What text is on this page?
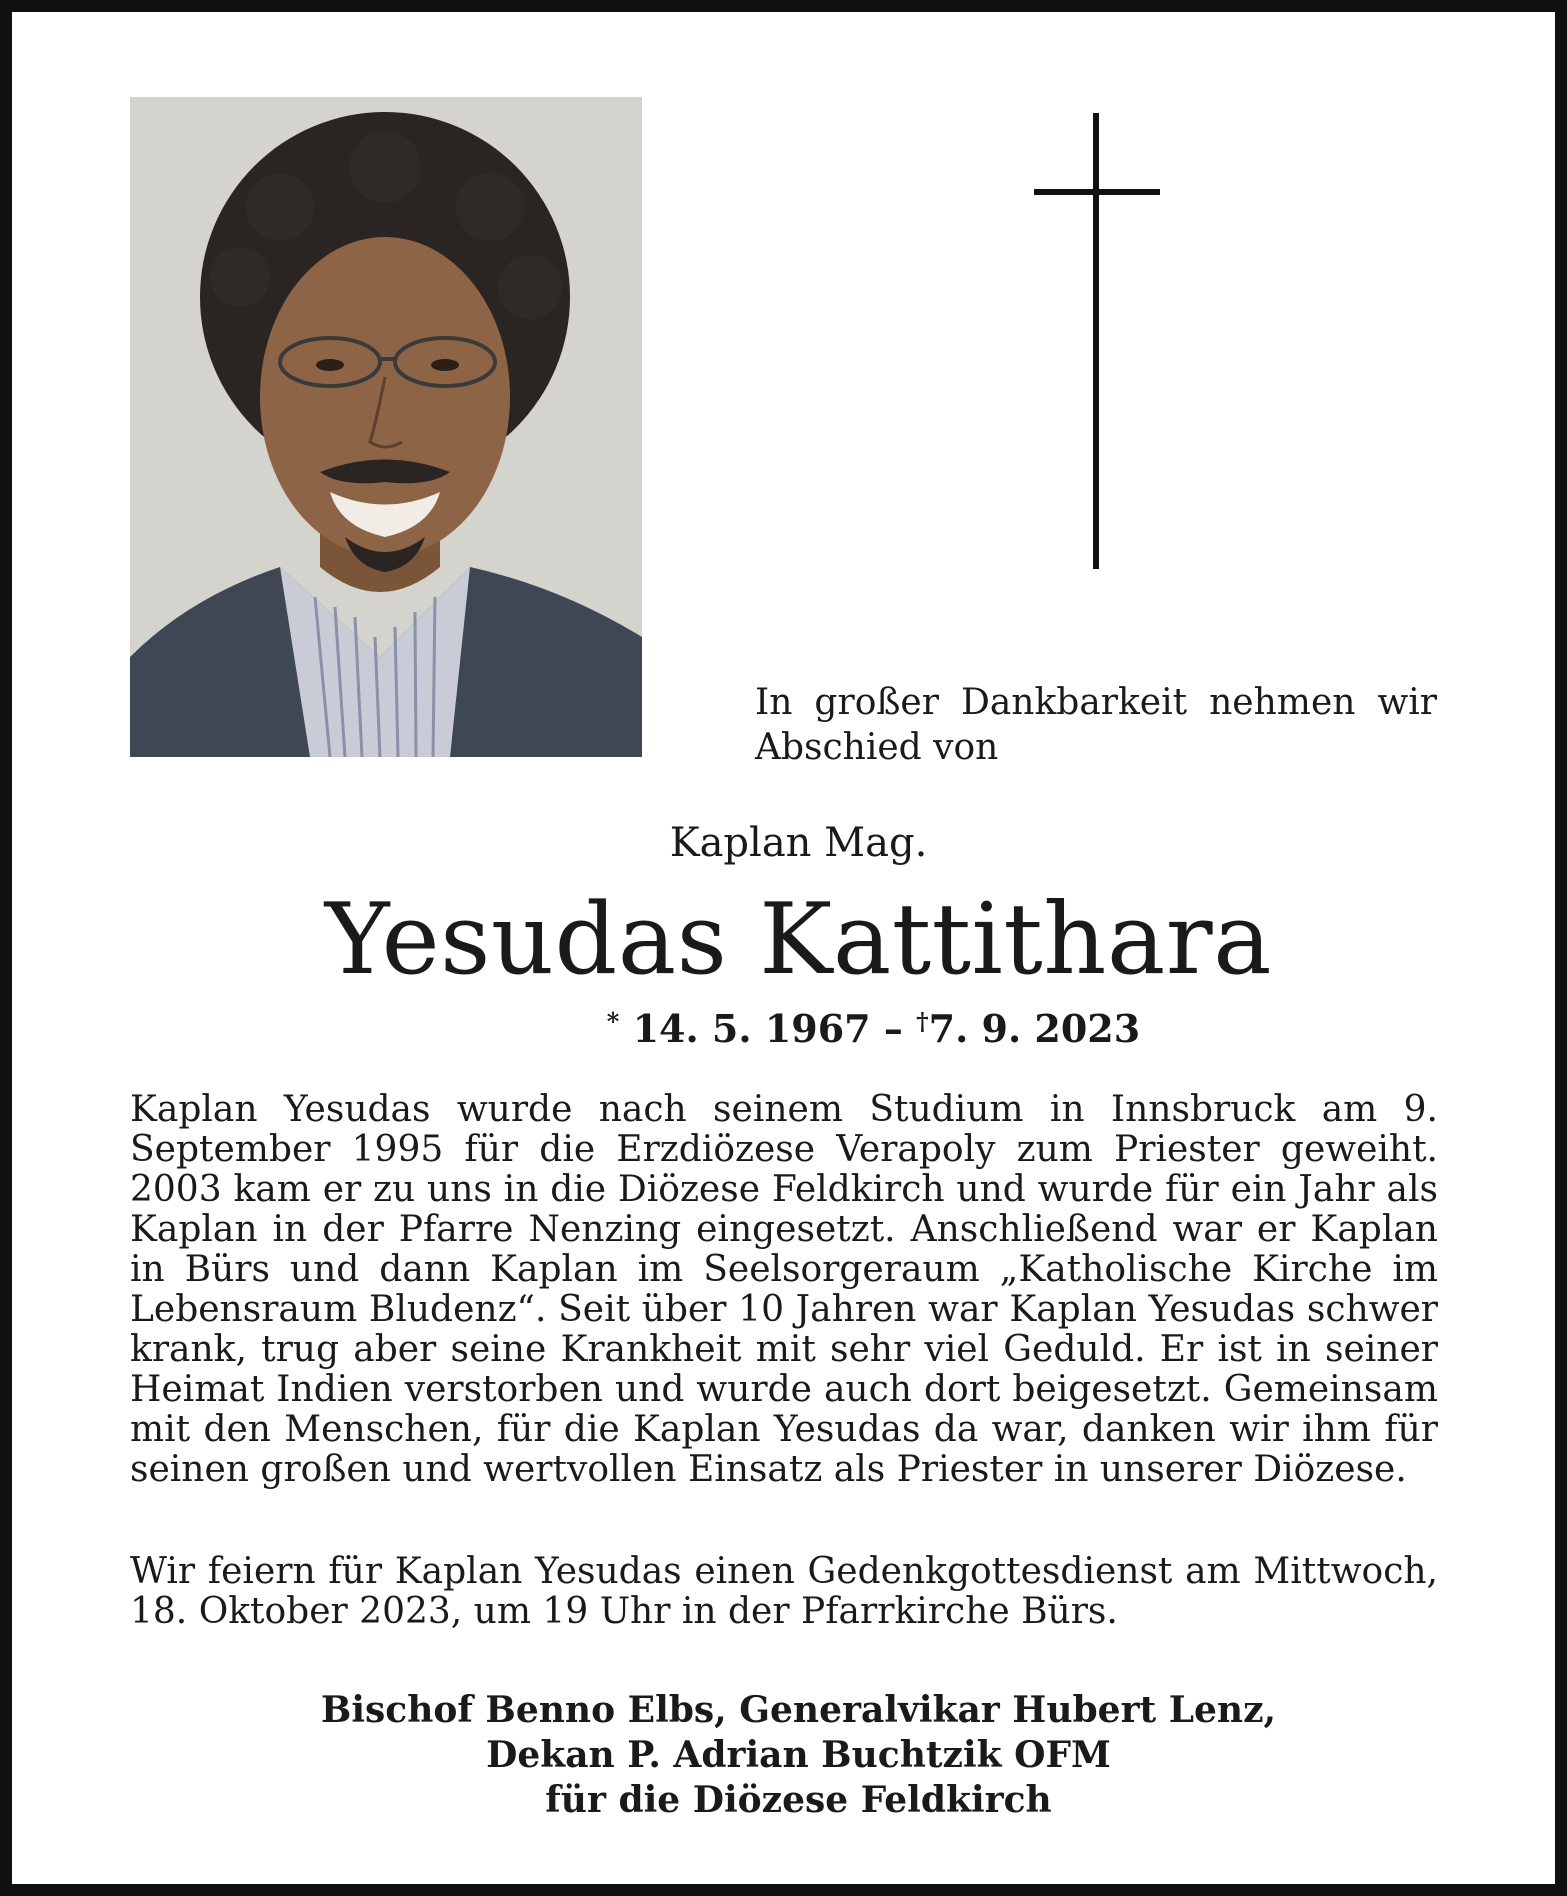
In großer Dankbarkeit nehmen wir Abschied von
Kaplan Mag.
Yesudas Kattithara
* 14. 5. 1967 – †7. 9. 2023

Kaplan Yesudas wurde nach seinem Studium in Innsbruck am 9. September 1995 für die Erzdiözese Verapoly zum Priester geweiht. 2003 kam er zu uns in die Diözese Feldkirch und wurde für ein Jahr als Kaplan in der Pfarre Nenzing eingesetzt. Anschließend war er Kaplan in Bürs und dann Kaplan im Seelsorgeraum „Katholische Kirche im Lebensraum Bludenz“. Seit über 10 Jahren war Kaplan Yesudas schwer krank, trug aber seine Krankheit mit sehr viel Geduld. Er ist in seiner Heimat Indien verstorben und wurde auch dort beigesetzt. Gemeinsam mit den Menschen, für die Kaplan Yesudas da war, danken wir ihm für seinen großen und wertvollen Einsatz als Priester in unserer Diözese.

Wir feiern für Kaplan Yesudas einen Gedenkgottesdienst am Mittwoch, 18. Oktober 2023, um 19 Uhr in der Pfarrkirche Bürs.

Bischof Benno Elbs, Generalvikar Hubert Lenz,
Dekan P. Adrian Buchtzik OFM
für die Diözese Feldkirch
